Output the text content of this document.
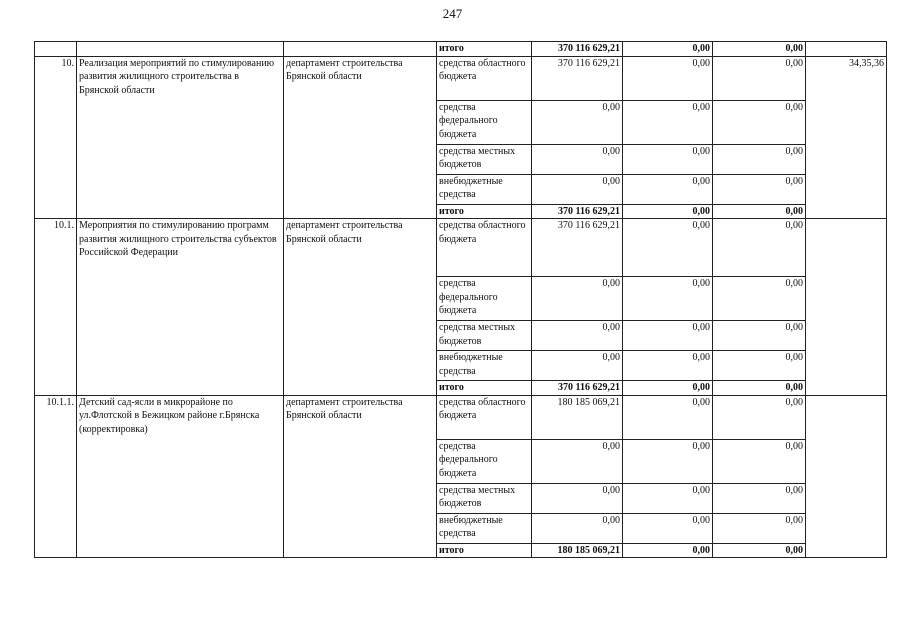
247
			итого	370 116 629,21	0,00	0,00	
10.	Реализация мероприятий по стимулированию развития жилищного строительства в Брянской области	департамент строительства Брянской области	средства областного бюджета	370 116 629,21	0,00	0,00	34,35,36
			средства федерального бюджета	0,00	0,00	0,00	
			средства местных бюджетов	0,00	0,00	0,00	
			внебюджетные средства	0,00	0,00	0,00	
			итого	370 116 629,21	0,00	0,00	
10.1.	Мероприятия по стимулированию программ развития жилищного строительства субъектов Российской Федерации	департамент строительства Брянской области	средства областного бюджета	370 116 629,21	0,00	0,00	
			средства федерального бюджета	0,00	0,00	0,00	
			средства местных бюджетов	0,00	0,00	0,00	
			внебюджетные средства	0,00	0,00	0,00	
			итого	370 116 629,21	0,00	0,00	
10.1.1.	Детский сад-ясли в микрорайоне по ул.Флотской в Бежицком районе г.Брянска (корректировка)	департамент строительства Брянской области	средства областного бюджета	180 185 069,21	0,00	0,00	
			средства федерального бюджета	0,00	0,00	0,00	
			средства местных бюджетов	0,00	0,00	0,00	
			внебюджетные средства	0,00	0,00	0,00	
			итого	180 185 069,21	0,00	0,00	
